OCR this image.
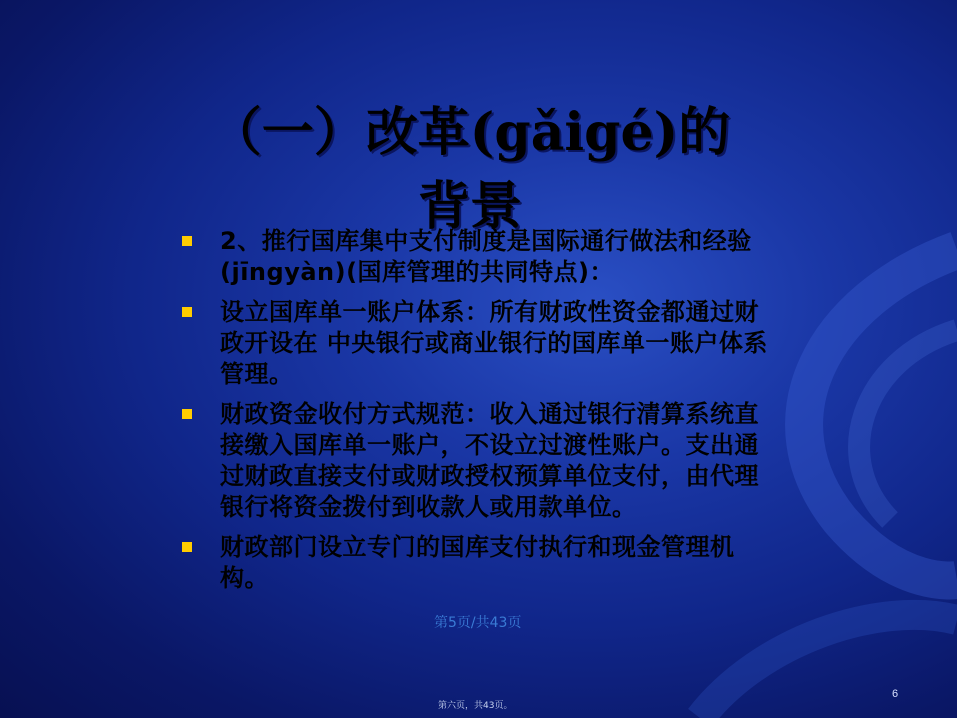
（一）改革(gǎigé)的
背景
2、推行国库集中支付制度是国际通行做法和经验(jīngyàn)(国库管理的共同特点)：
设立国库单一账户体系：所有财政性资金都通过财政开设在 中央银行或商业银行的国库单一账户体系管理。
财政资金收付方式规范：收入通过银行清算系统直接缴入国库单一账户，不设立过渡性账户。支出通过财政直接支付或财政授权预算单位支付，由代理银行将资金拨付到收款人或用款单位。
财政部门设立专门的国库支付执行和现金管理机构。
第5页/共43页
6
第六页，共43页。
